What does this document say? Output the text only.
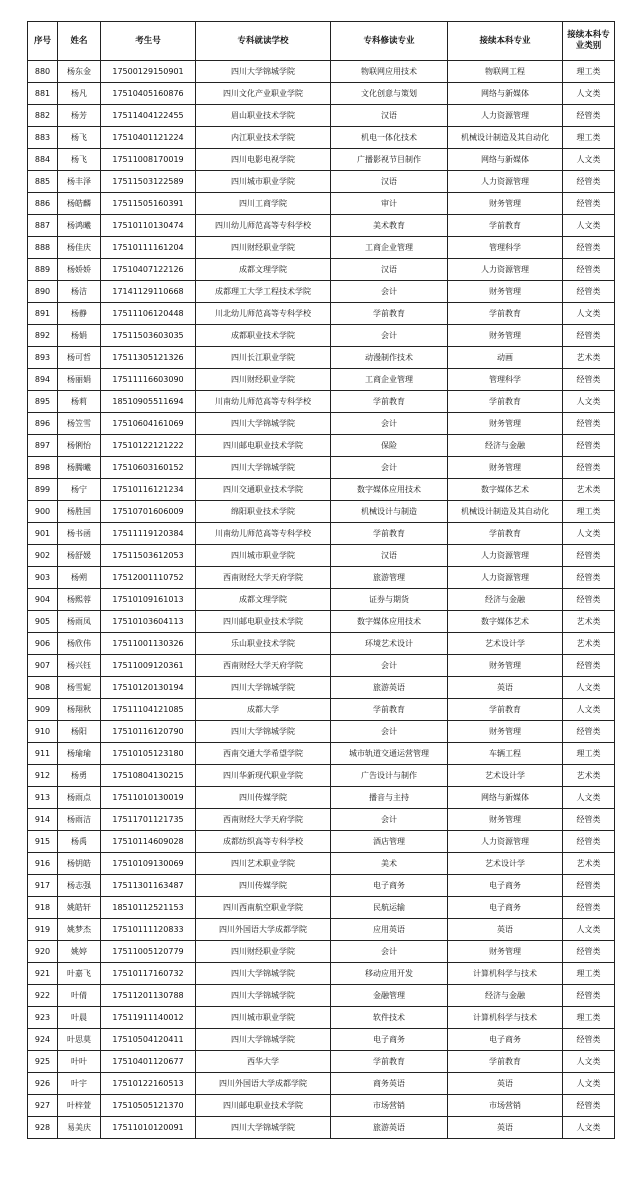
序号	姓名	考生号	专科就读学校	专科修读专业	接续本科专业	接续本科专业类别
880	杨东金	17500129150901	四川大学锦城学院	物联网应用技术	物联网工程	理工类
881	杨凡	17510405160876	四川文化产业职业学院	文化创意与策划	网络与新媒体	人文类
882	杨芳	17511404122455	眉山职业技术学院	汉语	人力资源管理	经管类
883	杨飞	17510401121224	内江职业技术学院	机电一体化技术	机械设计制造及其自动化	理工类
884	杨飞	17511008170019	四川电影电视学院	广播影视节目制作	网络与新媒体	人文类
885	杨丰泽	17511503122589	四川城市职业学院	汉语	人力资源管理	经管类
886	杨皓麟	17511505160391	四川工商学院	审计	财务管理	经管类
887	杨鸿曦	17510110130474	四川幼儿师范高等专科学校	美术教育	学前教育	人文类
888	杨佳庆	17510111161204	四川财经职业学院	工商企业管理	管理科学	经管类
889	杨娇娇	17510407122126	成都文理学院	汉语	人力资源管理	经管类
890	杨洁	17141129110668	成都理工大学工程技术学院	会计	财务管理	经管类
891	杨静	17511106120448	川北幼儿师范高等专科学校	学前教育	学前教育	人文类
892	杨娟	17511503603035	成都职业技术学院	会计	财务管理	经管类
893	杨可哲	17511305121326	四川长江职业学院	动漫制作技术	动画	艺术类
894	杨丽娟	17511116603090	四川财经职业学院	工商企业管理	管理科学	经管类
895	杨莉	18510905511694	川南幼儿师范高等专科学校	学前教育	学前教育	人文类
896	杨笠雪	17510604161069	四川大学锦城学院	会计	财务管理	经管类
897	杨俐怡	17510122121222	四川邮电职业技术学院	保险	经济与金融	经管类
898	杨腾曦	17510603160152	四川大学锦城学院	会计	财务管理	经管类
899	杨宁	17510116121234	四川交通职业技术学院	数字媒体应用技术	数字媒体艺术	艺术类
900	杨胜国	17510701606009	绵阳职业技术学院	机械设计与制造	机械设计制造及其自动化	理工类
901	杨书函	17511119120384	川南幼儿师范高等专科学校	学前教育	学前教育	人文类
902	杨舒媛	17511503612053	四川城市职业学院	汉语	人力资源管理	经管类
903	杨朔	17512001110752	西南财经大学天府学院	旅游管理	人力资源管理	经管类
904	杨熙蓉	17510109161013	成都文理学院	证券与期货	经济与金融	经管类
905	杨雨凤	17510103604113	四川邮电职业技术学院	数字媒体应用技术	数字媒体艺术	艺术类
906	杨欣伟	17511001130326	乐山职业技术学院	环境艺术设计	艺术设计学	艺术类
907	杨兴钰	17511009120361	西南财经大学天府学院	会计	财务管理	经管类
908	杨雪妮	17510120130194	四川大学锦城学院	旅游英语	英语	人文类
909	杨翔秋	17511104121085	成都大学	学前教育	学前教育	人文类
910	杨阳	17510116120790	四川大学锦城学院	会计	财务管理	经管类
911	杨瑜瑜	17510105123180	西南交通大学希望学院	城市轨道交通运营管理	车辆工程	理工类
912	杨勇	17510804130215	四川华新现代职业学院	广告设计与制作	艺术设计学	艺术类
913	杨雨点	17511010130019	四川传媒学院	播音与主持	网络与新媒体	人文类
914	杨雨洁	17511701121735	西南财经大学天府学院	会计	财务管理	经管类
915	杨禹	17510114609028	成都纺织高等专科学校	酒店管理	人力资源管理	经管类
916	杨钥皓	17510109130069	四川艺术职业学院	美术	艺术设计学	艺术类
917	杨志强	17511301163487	四川传媒学院	电子商务	电子商务	经管类
918	姚皓轩	18510112521153	四川西南航空职业学院	民航运输	电子商务	经管类
919	姚梦杰	17510111120833	四川外国语大学成都学院	应用英语	英语	人文类
920	姚婷	17511005120779	四川财经职业学院	会计	财务管理	经管类
921	叶嘉飞	17510117160732	四川大学锦城学院	移动应用开发	计算机科学与技术	理工类
922	叶倩	17511201130788	四川大学锦城学院	金融管理	经济与金融	经管类
923	叶晨	17511911140012	四川城市职业学院	软件技术	计算机科学与技术	理工类
924	叶思莫	17510504120411	四川大学锦城学院	电子商务	电子商务	经管类
925	叶叶	17510401120677	西华大学	学前教育	学前教育	人文类
926	叶宇	17510122160513	四川外国语大学成都学院	商务英语	英语	人文类
927	叶梓萱	17510505121370	四川邮电职业技术学院	市场营销	市场营销	经管类
928	易美庆	17511010120091	四川大学锦城学院	旅游英语	英语	人文类
